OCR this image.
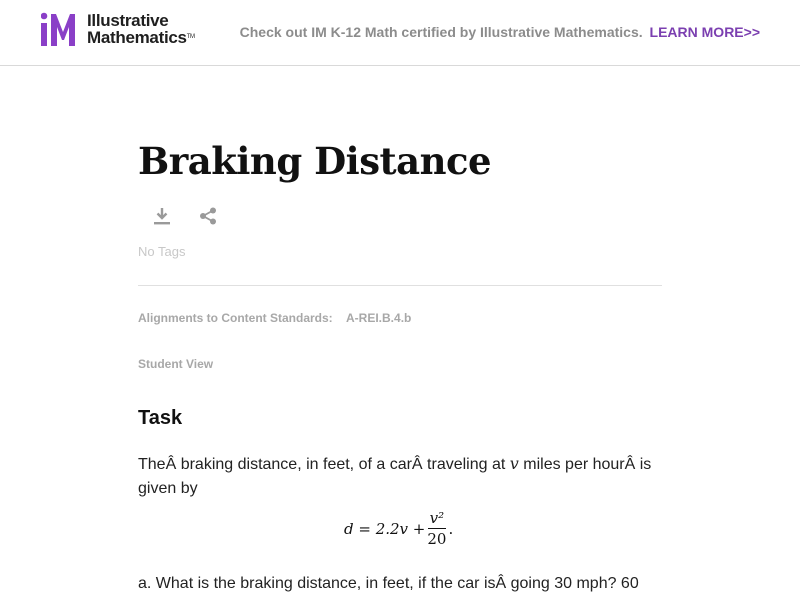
Illustrative
Mathematics™	Check out IM K-12 Math certified by Illustrative Mathematics. LEARN MORE>>
Braking Distance
No Tags
Alignments to Content Standards: A-REI.B.4.b
Student View
Task

TheÂ braking distance, in feet, of a carÂ traveling at v miles per hourÂ is given by

$d = 2.2v + \frac{\text{v²}}{20}$ .

a. What is the braking distance, in feet, if the car isÂ going 30 mph? 60
